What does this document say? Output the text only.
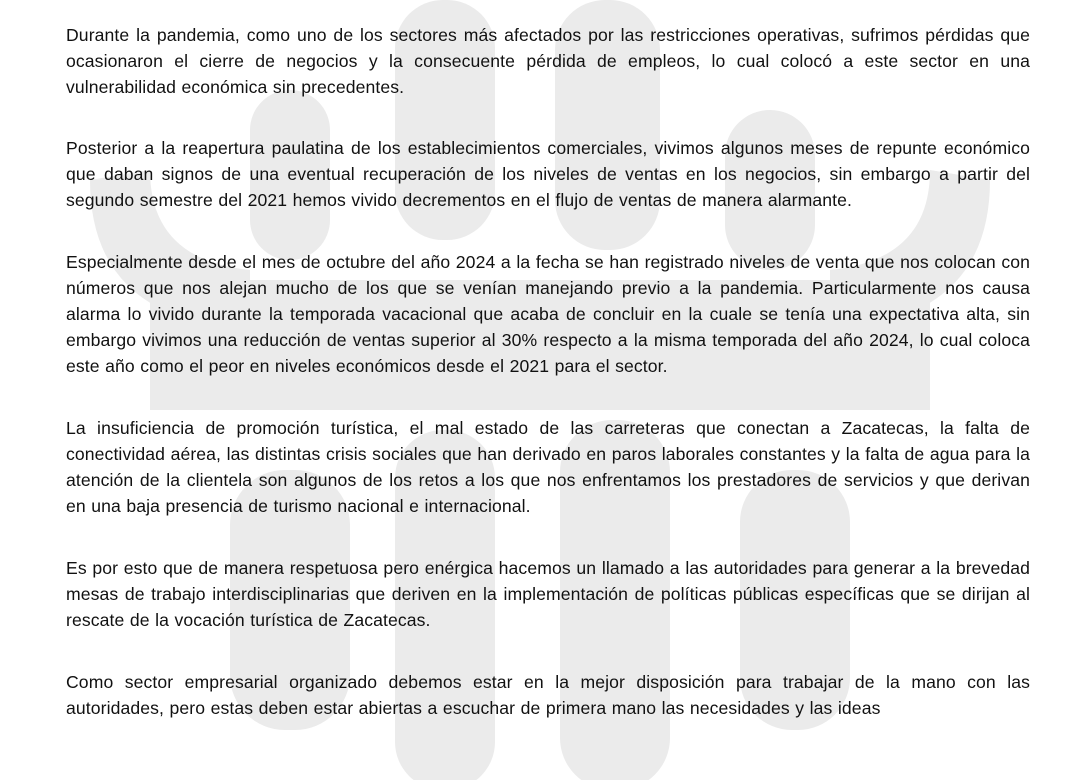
Durante la pandemia, como uno de los sectores más afectados por las restricciones operativas, sufrimos pérdidas que ocasionaron el cierre de negocios y la consecuente pérdida de empleos, lo cual colocó a este sector en una vulnerabilidad económica sin precedentes.

Posterior a la reapertura paulatina de los establecimientos comerciales, vivimos algunos meses de repunte económico que daban signos de una eventual recuperación de los niveles de ventas en los negocios, sin embargo a partir del segundo semestre del 2021 hemos vivido decrementos en el flujo de ventas de manera alarmante.

Especialmente desde el mes de octubre del año 2024 a la fecha se han registrado niveles de venta que nos colocan con números que nos alejan mucho de los que se venían manejando previo a la pandemia. Particularmente nos causa alarma lo vivido durante la temporada vacacional que acaba de concluir en la cuale se tenía una expectativa alta, sin embargo vivimos una reducción de ventas superior al 30% respecto a la misma temporada del año 2024, lo cual coloca este año como el peor en niveles económicos desde el 2021 para el sector.

La insuficiencia de promoción turística, el mal estado de las carreteras que conectan a Zacatecas, la falta de conectividad aérea, las distintas crisis sociales que han derivado en paros laborales constantes y la falta de agua para la atención de la clientela son algunos de los retos a los que nos enfrentamos los prestadores de servicios y que derivan en una baja presencia de turismo nacional e internacional.

Es por esto que de manera respetuosa pero enérgica hacemos un llamado a las autoridades para generar a la brevedad mesas de trabajo interdisciplinarias que deriven en la implementación de políticas públicas específicas que se dirijan al rescate de la vocación turística de Zacatecas.

Como sector empresarial organizado debemos estar en la mejor disposición para trabajar de la mano con las autoridades, pero estas deben estar abiertas a escuchar de primera mano las necesidades y las ideas
